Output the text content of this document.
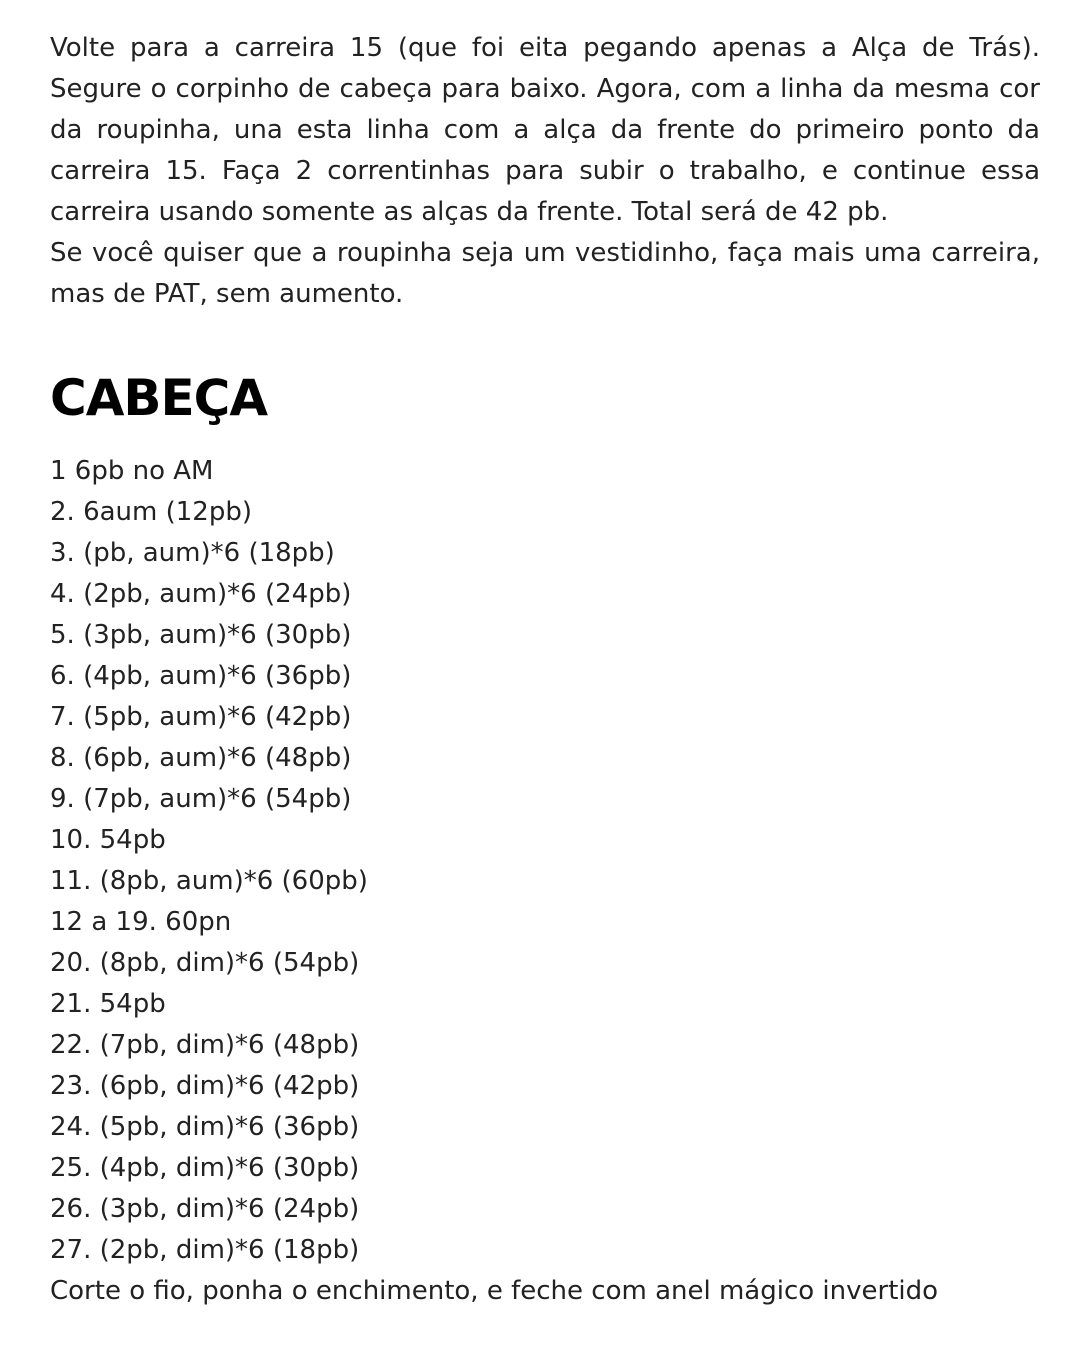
Volte para a carreira 15 (que foi eita pegando apenas a Alça de Trás). Segure o corpinho de cabeça para baixo. Agora, com a linha da mesma cor da roupinha, una esta linha com a alça da frente do primeiro ponto da carreira 15. Faça 2 correntinhas para subir o trabalho, e continue essa carreira usando somente as alças da frente. Total será de 42 pb.

Se você quiser que a roupinha seja um vestidinho, faça mais uma carreira, mas de PAT, sem aumento.

CABEÇA
1 6pb no AM
2. 6aum (12pb)
3. (pb, aum)*6 (18pb)
4. (2pb, aum)*6 (24pb)
5. (3pb, aum)*6 (30pb)
6. (4pb, aum)*6 (36pb)
7. (5pb, aum)*6 (42pb)
8. (6pb, aum)*6 (48pb)
9. (7pb, aum)*6 (54pb)
10. 54pb
11. (8pb, aum)*6 (60pb)
12 a 19. 60pn
20. (8pb, dim)*6 (54pb)
21. 54pb
22. (7pb, dim)*6 (48pb)
23. (6pb, dim)*6 (42pb)
24. (5pb, dim)*6 (36pb)
25. (4pb, dim)*6 (30pb)
26. (3pb, dim)*6 (24pb)
27. (2pb, dim)*6 (18pb)
Corte o fio, ponha o enchimento, e feche com anel mágico invertido
